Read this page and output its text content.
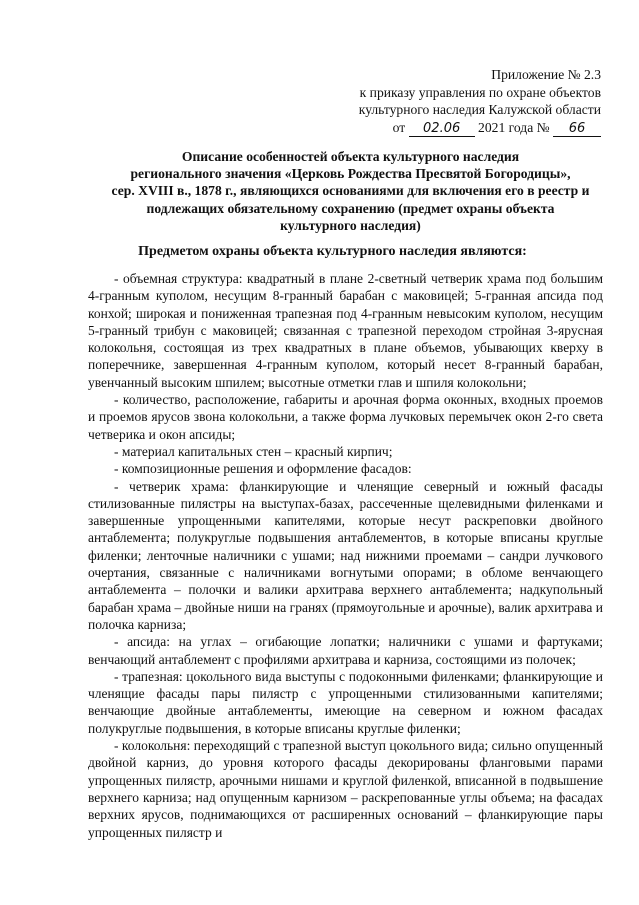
Приложение № 2.3
к приказу управления по охране объектов
культурного наследия Калужской области
от 02.06 2021 года № 66
Описание особенностей объекта культурного наследия
регионального значения «Церковь Рождества Пресвятой Богородицы»,
сер. XVIII в., 1878 г., являющихся основаниями для включения его в реестр и
подлежащих обязательному сохранению (предмет охраны объекта
культурного наследия)
Предметом охраны объекта культурного наследия являются:

- объемная структура: квадратный в плане 2-светный четверик храма под большим 4-гранным куполом, несущим 8-гранный барабан с маковицей; 5-гранная апсида под конхой; широкая и пониженная трапезная под 4-гранным невысоким куполом, несущим 5-гранный трибун с маковицей; связанная с трапезной переходом стройная 3-ярусная колокольня, состоящая из трех квадратных в плане объемов, убывающих кверху в поперечнике, завершенная 4-гранным куполом, который несет 8-гранный барабан, увенчанный высоким шпилем; высотные отметки глав и шпиля колокольни;

- количество, расположение, габариты и арочная форма оконных, входных проемов и проемов ярусов звона колокольни, а также форма лучковых перемычек окон 2-го света четверика и окон апсиды;

- материал капитальных стен – красный кирпич;

- композиционные решения и оформление фасадов:

- четверик храма: фланкирующие и членящие северный и южный фасады стилизованные пилястры на выступах-базах, рассеченные щелевидными филенками и завершенные упрощенными капителями, которые несут раскреповки двойного антаблемента; полукруглые подвышения антаблементов, в которые вписаны круглые филенки; ленточные наличники с ушами; над нижними проемами – сандри лучкового очертания, связанные с наличниками вогнутыми опорами; в обломе венчающего антаблемента – полочки и валики архитрава верхнего антаблемента; надкупольный барабан храма – двойные ниши на гранях (прямоугольные и арочные), валик архитрава и полочка карниза;

- апсида: на углах – огибающие лопатки; наличники с ушами и фартуками; венчающий антаблемент с профилями архитрава и карниза, состоящими из полочек;

- трапезная: цокольного вида выступы с подоконными филенками; фланкирующие и членящие фасады пары пилястр с упрощенными стилизованными капителями; венчающие двойные антаблементы, имеющие на северном и южном фасадах полукруглые подвышения, в которые вписаны круглые филенки;

- колокольня: переходящий с трапезной выступ цокольного вида; сильно опущенный двойной карниз, до уровня которого фасады декорированы фланговыми парами упрощенных пилястр, арочными нишами и круглой филенкой, вписанной в подвышение верхнего карниза; над опущенным карнизом – раскрепованные углы объема; на фасадах верхних ярусов, поднимающихся от расширенных оснований – фланкирующие пары упрощенных пилястр и
